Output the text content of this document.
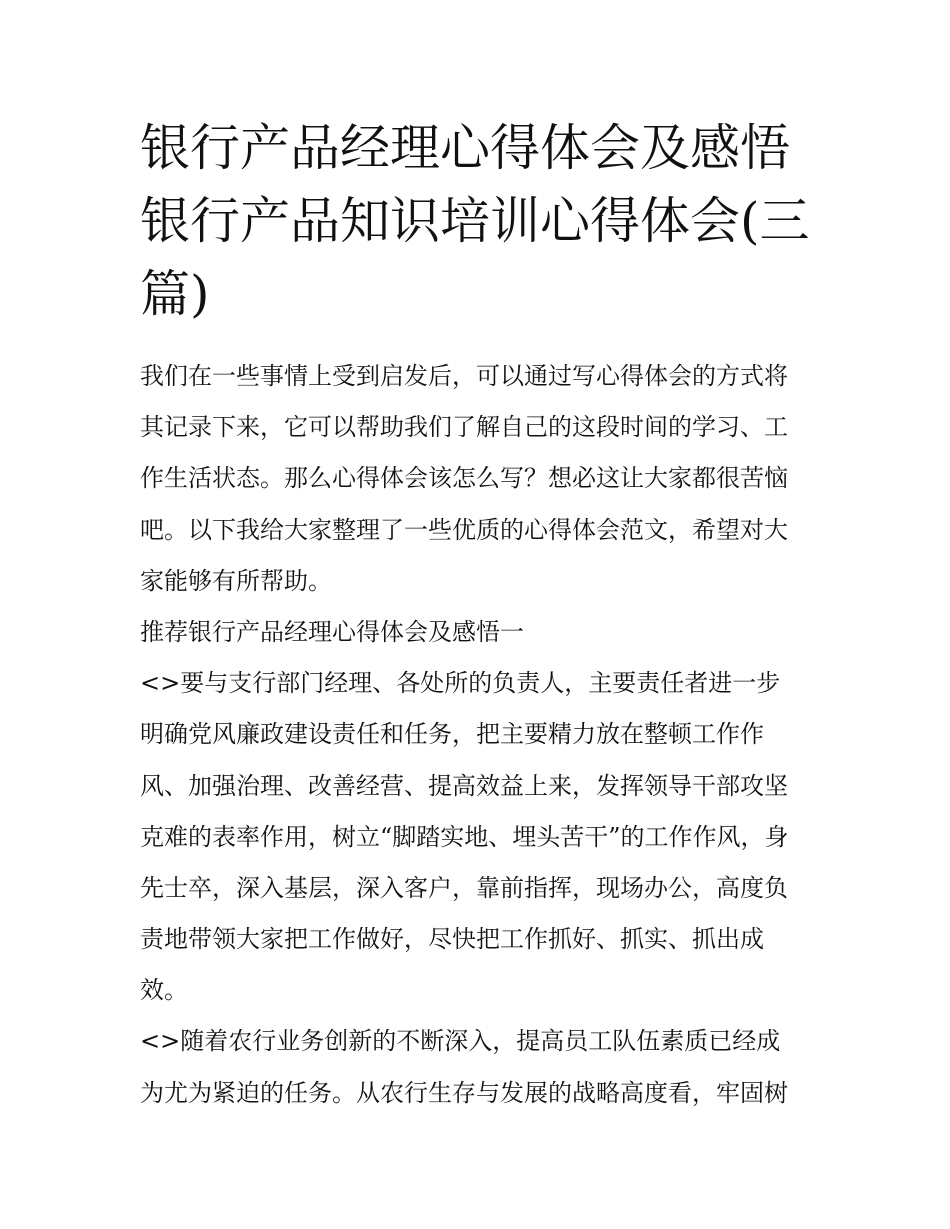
银行产品经理心得体会及感悟
银行产品知识培训心得体会(三
篇)
我们在一些事情上受到启发后，可以通过写心得体会的方式将
其记录下来，它可以帮助我们了解自己的这段时间的学习、工
作生活状态。那么心得体会该怎么写？想必这让大家都很苦恼
吧。以下我给大家整理了一些优质的心得体会范文，希望对大
家能够有所帮助。
推荐银行产品经理心得体会及感悟一
<>要与支行部门经理、各处所的负责人，主要责任者进一步
明确党风廉政建设责任和任务，把主要精力放在整顿工作作
风、加强治理、改善经营、提高效益上来，发挥领导干部攻坚
克难的表率作用，树立“脚踏实地、埋头苦干”的工作作风，身
先士卒，深入基层，深入客户，靠前指挥，现场办公，高度负
责地带领大家把工作做好，尽快把工作抓好、抓实、抓出成
效。
<>随着农行业务创新的不断深入，提高员工队伍素质已经成
为尤为紧迫的任务。从农行生存与发展的战略高度看，牢固树
